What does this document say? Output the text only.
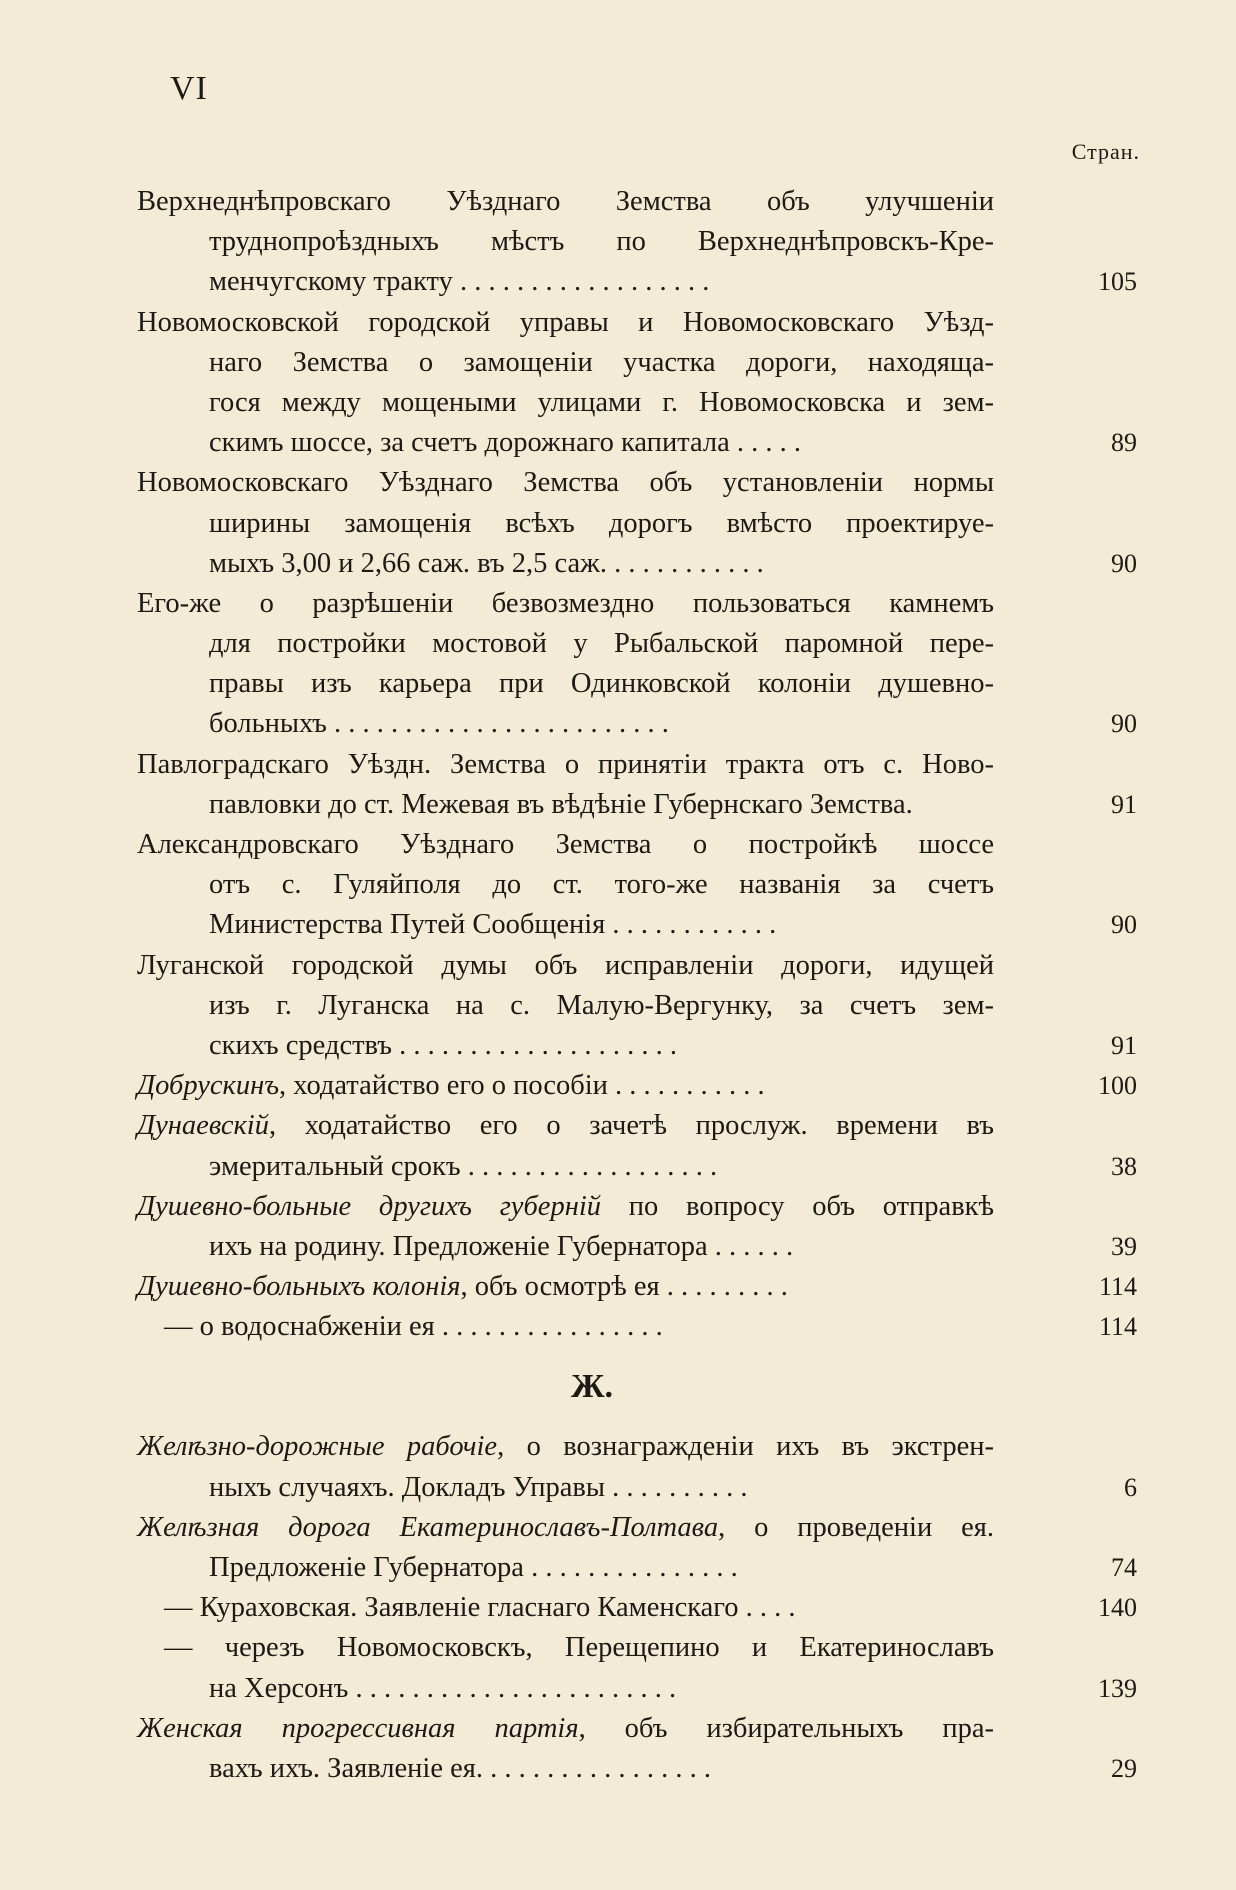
VI
Стран.
Верхнеднѣпровскаго Уѣзднаго Земства объ улучшенiи
труднопроѣздныхъ мѣстъ по Верхнеднѣпровскъ-Кре-
менчугскому тракту . . . . . . . . . . . . . . . . . .	105
Новомосковской городской управы и Новомосковскаго Уѣзд-
наго Земства о замощенiи участка дороги, находяща-
гося между мощеными улицами г. Новомосковска и зем-
скимъ шоссе, за счетъ дорожнаго капитала . . . . .	89
Новомосковскаго Уѣзднаго Земства объ установленiи нормы
ширины замощенiя всѣхъ дорогъ вмѣсто проектируе-
мыхъ 3,00 и 2,66 саж. въ 2,5 саж. . . . . . . . . . . .	90
Его-же о разрѣшенiи безвозмездно пользоваться камнемъ
для постройки мостовой у Рыбальской паромной пере-
правы изъ карьера при Одинковской колонiи душевно-
больныхъ . . . . . . . . . . . . . . . . . . . . . . . .	90
Павлоградскаго Уѣздн. Земства о принятiи тракта отъ с. Ново-
павловки до ст. Межевая въ вѣдѣнiе Губернскаго Земства.	91
Александровскаго Уѣзднаго Земства о постройкѣ шоссе
отъ с. Гуляйполя до ст. того-же названiя за счетъ
Министерства Путей Сообщенiя . . . . . . . . . . . .	90
Луганской городской думы объ исправленiи дороги, идущей
изъ г. Луганска на с. Малую-Вергунку, за счетъ зем-
скихъ средствъ . . . . . . . . . . . . . . . . . . . .	91
Добрускинъ, ходатайство его о пособiи . . . . . . . . . . .	100
Дунаевскiй, ходатайство его о зачетѣ прослуж. времени въ
эмеритальный срокъ . . . . . . . . . . . . . . . . . .	38
Душевно-больные другихъ губернiй по вопросу объ отправкѣ
ихъ на родину. Предложенiе Губернатора . . . . . .	39
Душевно-больныхъ колонiя, объ осмотрѣ ея . . . . . . . . .	114
— о водоснабженiи ея . . . . . . . . . . . . . . . .	114
Ж.
Желѣзно-дорожные рабочiе, о вознагражденiи ихъ въ экстрен-
ныхъ случаяхъ. Докладъ Управы . . . . . . . . . .	6
Желѣзная дорога Екатеринославъ-Полтава, о проведенiи ея.
Предложенiе Губернатора . . . . . . . . . . . . . . .	74
— Кураховская. Заявленiе гласнаго Каменскаго . . . .	140
— черезъ Новомосковскъ, Перещепино и Екатеринославъ
на Херсонъ . . . . . . . . . . . . . . . . . . . . . . .	139
Женская прогрессивная партiя, объ избирательныхъ пра-
вахъ ихъ. Заявленiе ея. . . . . . . . . . . . . . . . .	29
